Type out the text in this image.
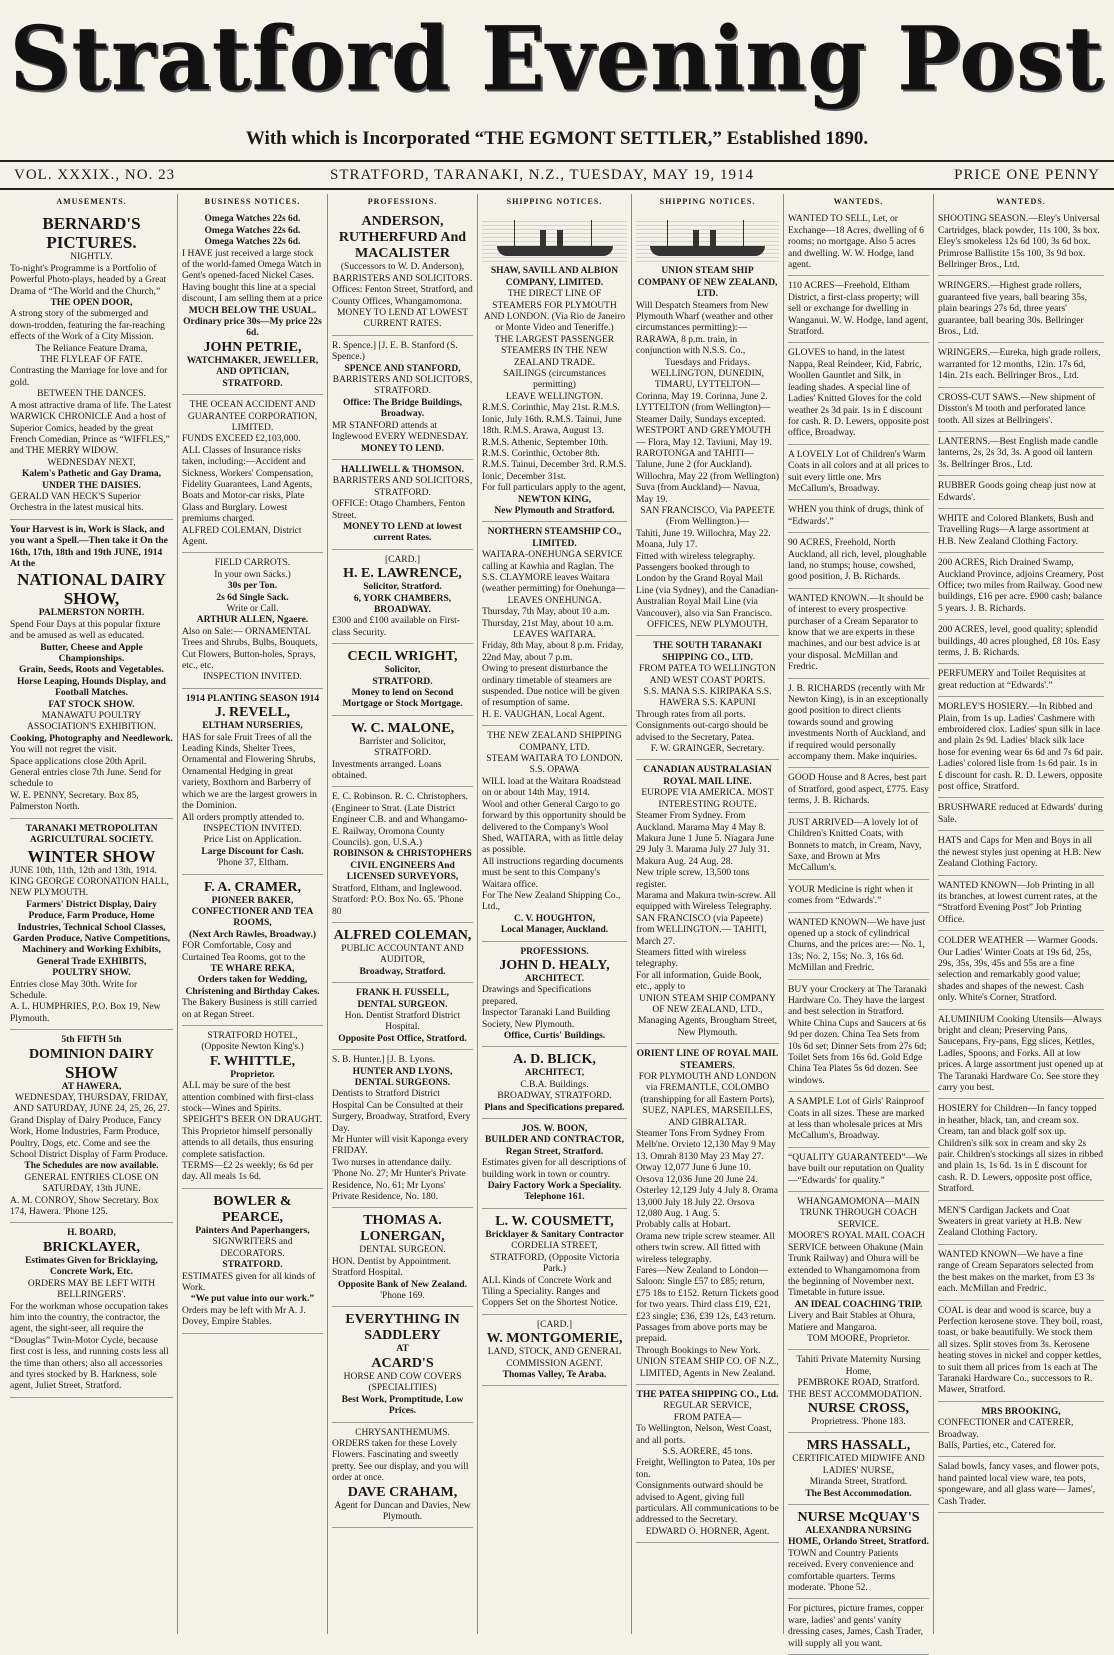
Stratford Evening Post
With which is Incorporated “THE EGMONT SETTLER,” Established 1890.
VOL. XXXIX., NO. 23	STRATFORD, TARANAKI, N.Z., TUESDAY, MAY 19, 1914	PRICE ONE PENNY
AMUSEMENTS.

BERNARD'S PICTURES.

NIGHTLY.

To-night's Programme is a Portfolio of Powerful Photo-plays, headed by a Great Drama of “The World and the Church,”

THE OPEN DOOR,

A strong story of the submerged and down-trodden, featuring the far-reaching effects of the Work of a City Mission.

The Reliance Feature Drama,

THE FLYLEAF OF FATE.

Contrasting the Marriage for love and for gold.

BETWEEN THE DANCES.

A most attractive drama of life. The Latest WARWICK CHRONICLE And a host of Superior Comics, headed by the great French Comedian, Prince as “WIFFLES,” and THE MERRY WIDOW.

WEDNESDAY NEXT,

Kalem's Pathetic and Gay Drama, UNDER THE DAISIES.

GERALD VAN HECK'S Superior Orchestra in the latest musical hits.

Your Harvest is in, Work is Slack, and you want a Spell.—Then take it On the 16th, 17th, 18th and 19th JUNE, 1914 At the

NATIONAL DAIRY SHOW,

PALMERSTON NORTH.

Spend Four Days at this popular fixture and be amused as well as educated.

Butter, Cheese and Apple Championships.

Grain, Seeds, Roots and Vegetables.

Horse Leaping, Hounds Display, and Football Matches.

FAT STOCK SHOW.

MANAWATU POULTRY ASSOCIATION'S EXHIBITION.

Cooking, Photography and Needlework.

You will not regret the visit.

Space applications close 20th April. General entries close 7th June. Send for schedule to

W. E. PENNY, Secretary. Box 85, Palmerston North.

TARANAKI METROPOLITAN AGRICULTURAL SOCIETY.

WINTER SHOW

JUNE 10th, 11th, 12th and 13th, 1914. KING GEORGE CORONATION HALL, NEW PLYMOUTH.

Farmers' District Display, Dairy Produce, Farm Produce, Home Industries, Technical School Classes, Garden Produce, Native Competitions, Machinery and Working Exhibits, General Trade EXHIBITS,

POULTRY SHOW.

Entries close May 30th. Write for Schedule.

A. L. HUMPHRIES, P.O. Box 19, New Plymouth.

5th FIFTH 5th

DOMINION DAIRY

SHOW

AT HAWERA,

WEDNESDAY, THURSDAY, FRIDAY, AND SATURDAY, JUNE 24, 25, 26, 27.

Grand Display of Dairy Produce, Fancy Work, Home Industries, Farm Produce, Poultry, Dogs, etc. Come and see the School District Display of Farm Produce.

The Schedules are now available.

GENERAL ENTRIES CLOSE ON SATURDAY, 13th JUNE.

A. M. CONROY, Show Secretary. Box 174, Hawera. 'Phone 125.

H. BOARD,

BRICKLAYER,

Estimates Given for Bricklaying, Concrete Work, Etc.

ORDERS MAY BE LEFT WITH BELLRINGERS'.

For the workman whose occupation takes him into the country, the contractor, the agent, the sight-seer, all require the “Douglas” Twin-Motor Cycle, because first cost is less, and running costs less all the time than others; also all accessories and tyres stocked by B. Harkness, sole agent, Juliet Street, Stratford.

BUSINESS NOTICES.

Omega Watches 22s 6d.

Omega Watches 22s 6d.

Omega Watches 22s 6d.

I HAVE just received a large stock of the world-famed Omega Watch in Gent's opened-faced Nickel Cases. Having bought this line at a special discount, I am selling them at a price

MUCH BELOW THE USUAL.

Ordinary price 30s—My price 22s 6d.

JOHN PETRIE,

WATCHMAKER, JEWELLER, AND OPTICIAN,

STRATFORD.

THE OCEAN ACCIDENT AND GUARANTEE CORPORATION, LIMITED.

FUNDS EXCEED £2,103,000.

ALL Classes of Insurance risks taken, including:—Accident and Sickness, Workers' Compensation, Fidelity Guarantees, Land Agents, Boats and Motor-car risks, Plate Glass and Burglary. Lowest premiums charged.

ALFRED COLEMAN, District Agent.

FIELD CARROTS.

In your own Sacks.)

30s per Ton.

2s 6d Single Sack.

Write or Call.

ARTHUR ALLEN, Ngaere.

Also on Sale:— ORNAMENTAL Trees and Shrubs, Bulbs, Bouquets, Cut Flowers, Button-holes, Sprays, etc., etc.

INSPECTION INVITED.

1914 PLANTING SEASON 1914

J. REVELL,

ELTHAM NURSERIES,

HAS for sale Fruit Trees of all the Leading Kinds, Shelter Trees, Ornamental and Flowering Shrubs, Ornamental Hedging in great variety, Boxthorn and Barberry of which we are the largest growers in the Dominion.

All orders promptly attended to.

INSPECTION INVITED.

Price List on Application.

Large Discount for Cash.

'Phone 37, Eltham.

F. A. CRAMER,

PIONEER BAKER, CONFECTIONER AND TEA ROOMS,

(Next Arch Rawles, Broadway.)

FOR Comfortable, Cosy and Curtained Tea Rooms, got to the

TE WHARE REKA,

Orders taken for Wedding, Christening and Birthday Cakes.

The Bakery Business is still carried on at Regan Street.

STRATFORD HOTEL,

(Opposite Newton King's.)

F. WHITTLE,

Proprietor.

ALL may be sure of the best attention combined with first-class stock—Wines and Spirits.

SPEIGHT'S BEER ON DRAUGHT.

This Proprietor himself personally attends to all details, thus ensuring complete satisfaction.

TERMS—£2 2s weekly; 6s 6d per day. All meals 1s 6d.

BOWLER & PEARCE,

Painters And Paperhangers,

SIGNWRITERS and DECORATORS.

STRATFORD.

ESTIMATES given for all kinds of Work.

“We put value into our work.”

Orders may be left with Mr A. J. Dovey, Empire Stables.

PROFESSIONS.

ANDERSON, RUTHERFURD And MACALISTER

(Successors to W. D. Anderson), BARRISTERS AND SOLICITORS.

Offices: Fenton Street, Stratford, and County Offices, Whangamomona.

MONEY TO LEND AT LOWEST CURRENT RATES.

R. Spence.] [J. E. B. Stanford (S. Spence.)

SPENCE AND STANFORD,

BARRISTERS AND SOLICITORS, STRATFORD.

Office: The Bridge Buildings, Broadway.

MR STANFORD attends at Inglewood EVERY WEDNESDAY.

MONEY TO LEND.

HALLIWELL & THOMSON.

BARRISTERS AND SOLICITORS, STRATFORD.

OFFICE: Otago Chambers, Fenton Street.

MONEY TO LEND at lowest current Rates.

[CARD.]

H. E. LAWRENCE,

Solicitor, Stratford.

6, YORK CHAMBERS, BROADWAY.

£300 and £100 available on First-class Security.

CECIL WRIGHT,

Solicitor,

STRATFORD.

Money to lend on Second Mortgage or Stock Mortgage.

W. C. MALONE,

Barrister and Solicitor,

STRATFORD.

Investments arranged. Loans obtained.

E. C. Robinson. R. C. Christophers. (Engineer to Strat. (Late District Engineer C.B. and and Whangamo- E. Railway, Oromona County Councils). gon, U.S.A.)

ROBINSON & CHRISTOPHERS

CIVIL ENGINEERS And LICENSED SURVEYORS,

Stratford, Eltham, and Inglewood. Stratford: P.O. Box No. 65. 'Phone 80

ALFRED COLEMAN,

PUBLIC ACCOUNTANT AND AUDITOR,

Broadway, Stratford.

FRANK H. FUSSELL,

DENTAL SURGEON.

Hon. Dentist Stratford District Hospital.

Opposite Post Office, Stratford.

S. B. Hunter.] [J. B. Lyons.

HUNTER AND LYONS,

DENTAL SURGEONS.

Dentists to Stratford District Hospital Can be Consulted at their Surgery, Broadway, Stratford, Every Day.

Mr Hunter will visit Kaponga every FRIDAY.

Two nurses in attendance daily. 'Phone No. 27; Mr Hunter's Private Residence, No. 61; Mr Lyons' Private Residence, No. 180.

THOMAS A. LONERGAN,

DENTAL SURGEON.

HON. Dentist by Appointment. Stratford Hospital.

Opposite Bank of New Zealand.

'Phone 169.

EVERYTHING IN SADDLERY

AT

ACARD'S

HORSE AND COW COVERS (SPECIALITIES)

Best Work, Promptitude, Low Prices.

CHRYSANTHEMUMS.

ORDERS taken for these Lovely Flowers. Fascinating and sweetly pretty. See our display, and you will order at once.

DAVE CRAHAM,

Agent for Duncan and Davies, New Plymouth.

SHIPPING NOTICES.

SHAW, SAVILL AND ALBION COMPANY, LIMITED.

THE DIRECT LINE OF STEAMERS FOR PLYMOUTH AND LONDON. (Via Rio de Janeiro or Monte Video and Teneriffe.)

THE LARGEST PASSENGER STEAMERS IN THE NEW ZEALAND TRADE.

SAILINGS (circumstances permitting)

LEAVE WELLINGTON.

R.M.S. Corinthic, May 21st. R.M.S. Ionic, July 16th. R.M.S. Tainui, June 18th. R.M.S. Arawa, August 13. R.M.S. Athenic, September 10th. R.M.S. Corinthic, October 8th. R.M.S. Tainui, December 3rd. R.M.S. Ionic, December 31st.

For full particulars apply to the agent,

NEWTON KING,

New Plymouth and Stratford.

NORTHERN STEAMSHIP CO., LIMITED.

WAITARA-ONEHUNGA SERVICE calling at Kawhia and Raglan. The S.S. CLAYMORE leaves Waitara (weather permitting) for Onehunga—

LEAVES ONEHUNGA.

Thursday, 7th May, about 10 a.m. Thursday, 21st May, about 10 a.m.

LEAVES WAITARA.

Friday, 8th May, about 8 p.m. Friday, 22nd May, about 7 p.m.

Owing to present disturbance the ordinary timetable of steamers are suspended. Due notice will be given of resumption of same.

H. E. VAUGHAN, Local Agent.

THE NEW ZEALAND SHIPPING COMPANY, LTD.

STEAM WAITARA TO LONDON.

S.S. OPAWA

WILL load at the Waitara Roadstead on or about 14th May, 1914.

Wool and other General Cargo to go forward by this opportunity should be delivered to the Company's Wool Shed, WAITARA, with as little delay as possible.

All instructions regarding documents must be sent to this Company's Waitara office.

For The New Zealand Shipping Co., Ltd.,

C. V. HOUGHTON,

Local Manager, Auckland.

PROFESSIONS.

JOHN D. HEALY,

ARCHITECT.

Drawings and Specifications prepared.

Inspector Taranaki Land Building Society, New Plymouth.

Office, Curtis' Buildings.

A. D. BLICK,

ARCHITECT,

C.B.A. Buildings.

BROADWAY, STRATFORD.

Plans and Specifications prepared.

JOS. W. BOON,

BUILDER AND CONTRACTOR, Regan Street, Stratford.

Estimates given for all descriptions of building work in town or country.

Dairy Factory Work a Speciality.

Telephone 161.

L. W. COUSMETT,

Bricklayer & Sanitary Contractor

CORDELIA STREET, STRATFORD, (Opposite Victoria Park.)

ALL Kinds of Concrete Work and Tiling a Speciality. Ranges and Coppers Set on the Shortest Notice.

[CARD.]

W. MONTGOMERIE,

LAND, STOCK, AND GENERAL COMMISSION AGENT.

Thomas Valley, Te Araba.

SHIPPING NOTICES.

UNION STEAM SHIP COMPANY OF NEW ZEALAND, LTD.

Will Despatch Steamers from New Plymouth Wharf (weather and other circumstances permitting):—

RARAWA, 8 p.m. train, in conjunction with N.S.S. Co.,

Tuesdays and Fridays.

WELLINGTON, DUNEDIN, TIMARU, LYTTELTON—

Corinna, May 19. Corinna, June 2.

LYTTELTON (from Wellington)— Steamer Daily, Sundays excepted.

WESTPORT AND GREYMOUTH— Flora, May 12. Taviuni, May 19.

RAROTONGA and TAHITI— Talune, June 2 (for Auckland). Willochra, May 22 (from Wellington)

Suva (from Auckland)— Navua, May 19.

SAN FRANCISCO, Via PAPEETE (From Wellington.)—

Tahiti, June 19. Willochra, May 22. Moana, July 17.

Fitted with wireless telegraphy. Passengers booked through to London by the Grand Royal Mail Line (via Sydney), and the Canadian-Australian Royal Mail Line (via Vancouver), also via San Francisco.

OFFICES, NEW PLYMOUTH.

THE SOUTH TARANAKI SHIPPING CO., LTD.

FROM PATEA TO WELLINGTON AND WEST COAST PORTS.

S.S. MANA S.S. KIRIPAKA S.S. HAWERA S.S. KAPUNI

Through rates from all ports. Consignments out-cargo should be advised to the Secretary, Patea.

F. W. GRAINGER, Secretary.

CANADIAN AUSTRALASIAN ROYAL MAIL LINE.

EUROPE VIA AMERICA. MOST INTERESTING ROUTE.

Steamer From Sydney. From Auckland. Marama May 4 May 8. Makura June 1 June 5. Niagara June 29 July 3. Marama July 27 July 31. Makura Aug. 24 Aug. 28.

New triple screw, 13,500 tons register.

Marama and Makura twin-screw. All equipped with Wireless Telegraphy.

SAN FRANCISCO (via Papeete) from WELLINGTON.— TAHITI, March 27.

Steamers fitted with wireless telegraphy.

For all information, Guide Book, etc., apply to

UNION STEAM SHIP COMPANY OF NEW ZEALAND, LTD., Managing Agents, Brougham Street, New Plymouth.

ORIENT LINE OF ROYAL MAIL STEAMERS.

FOR PLYMOUTH AND LONDON via FREMANTLE, COLOMBO (transhipping for all Eastern Ports), SUEZ, NAPLES, MARSEILLES, AND GIBRALTAR.

Steamer Tons From Sydney From Melb'ne. Orvieto 12,130 May 9 May 13. Omrah 8130 May 23 May 27. Otway 12,077 June 6 June 10. Orsova 12,036 June 20 June 24. Osterley 12,129 July 4 July 8. Orama 13,000 July 18 July 22. Orsova 12,080 Aug. 1 Aug. 5.

Probably calls at Hobart.

Orama new triple screw steamer. All others twin screw. All fitted with wireless telegraphy.

Fares—New Zealand to London— Saloon: Single £57 to £85; return, £75 18s to £152. Return Tickets good for two years. Third class £19, £21, £23 single; £36, £39 12s, £43 return.

Passages from above ports may be prepaid.

Through Bookings to New York.

UNION STEAM SHIP CO. OF N.Z., LIMITED, Agents in New Zealand.

THE PATEA SHIPPING CO., Ltd.

REGULAR SERVICE,

FROM PATEA—

To Wellington, Nelson, West Coast, and all ports.

S.S. AORERE, 45 tons.

Freight, Wellington to Patea, 10s per ton.

Consignments outward should be advised to Agent, giving full particulars. All communications to be addressed to the Secretary.

EDWARD O. HORNER, Agent.

WANTEDS.

WANTED TO SELL, Let, or Exchange—18 Acres, dwelling of 6 rooms; no mortgage. Also 5 acres and dwelling. W. W. Hodge, land agent.

110 ACRES—Freehold, Eltham District, a first-class property; will sell or exchange for dwelling in Wanganui. W. W. Hodge, land agent, Stratford.

GLOVES to hand, in the latest Nappa, Real Reindeer, Kid, Fabric, Woollen Gauntlet and Silk, in leading shades. A special line of Ladies' Knitted Gloves for the cold weather 2s 3d pair. 1s in £ discount for cash. R. D. Lewers, opposite post office, Broadway.

A LOVELY Lot of Children's Warm Coats in all colors and at all prices to suit every little one. Mrs McCallum's, Broadway.

WHEN you think of drugs, think of “Edwards'.”

90 ACRES, Freehold, North Auckland, all rich, level, ploughable land, no stumps; house, cowshed, good position, J. B. Richards.

WANTED KNOWN.—It should be of interest to every prospective purchaser of a Cream Separator to know that we are experts in these machines, and our best advice is at your disposal. McMillan and Fredric.

J. B. RICHARDS (recently with Mr Newton King), is in an exceptionally good position to direct clients towards sound and growing investments North of Auckland, and if required would personally accompany them. Make inquiries.

GOOD House and 8 Acres, best part of Stratford, good aspect, £775. Easy terms, J. B. Richards.

JUST ARRIVED—A lovely lot of Children's Knitted Coats, with Bonnets to match, in Cream, Navy, Saxe, and Brown at Mrs McCallum's.

YOUR Medicine is right when it comes from “Edwards'.”

WANTED KNOWN—We have just opened up a stock of cylindrical Churns, and the prices are:— No. 1, 13s; No. 2, 15s; No. 3, 16s 6d. McMillan and Fredric.

BUY your Crockery at The Taranaki Hardware Co. They have the largest and best selection in Stratford. White China Cups and Saucers at 6s 9d per dozen. China Tea Sets from 10s 6d set; Dinner Sets from 27s 6d; Toilet Sets from 16s 6d. Gold Edge China Tea Plates 5s 6d dozen. See windows.

A SAMPLE Lot of Girls' Rainproof Coats in all sizes. These are marked at less than wholesale prices at Mrs McCallum's, Broadway.

“QUALITY GUARANTEED”—We have built our reputation on Quality—“Edwards' for quality.”

WHANGAMOMONA—MAIN TRUNK THROUGH COACH SERVICE.

MOORE'S ROYAL MAIL COACH SERVICE between Ohakune (Main Trunk Railway) and Ohura will be extended to Whangamomona from the beginning of November next. Timetable in future issue.

AN IDEAL COACHING TRIP.

Livery and Bait Stables at Ohura, Matiere and Mangaroa.

TOM MOORE, Proprietor.

Tahiti Private Maternity Nursing Home,

PEMBROKE ROAD, Stratford.

THE BEST ACCOMMODATION.

NURSE CROSS,

Proprietress. 'Phone 183.

MRS HASSALL,

CERTIFICATED MIDWIFE AND LADIES' NURSE,

Miranda Street, Stratford.

The Best Accommodation.

NURSE McQUAY'S

ALEXANDRA NURSING HOME, Orlando Street, Stratford.

TOWN and Country Patients received. Every convenience and comfortable quarters. Terms moderate. 'Phone 52.

For pictures, picture frames, copper ware, ladies' and gents' vanity dressing cases, James, Cash Trader, will supply all you want.

WANTEDS.

SHOOTING SEASON.—Eley's Universal Cartridges, black powder, 11s 100, 3s box. Eley's smokeless 12s 6d 100, 3s 6d box. Primrose Ballistite 15s 100, 3s 9d box. Bellringer Bros., Ltd.

WRINGERS.—Highest grade rollers, guaranteed five years, ball bearing 35s, plain bearings 27s 6d, three years' guarantee, ball bearing 30s. Bellringer Bros., Ltd.

WRINGERS.—Eureka, high grade rollers, warranted for 12 months, 12in. 17s 6d, 14in. 21s each. Bellringer Bros., Ltd.

CROSS-CUT SAWS.—New shipment of Disston's M tooth and perforated lance tooth. All sizes at Bellringers'.

LANTERNS.—Best English made candle lanterns, 2s, 2s 3d, 3s. A good oil lantern 3s. Bellringer Bros., Ltd.

RUBBER Goods going cheap just now at Edwards'.

WHITE and Colored Blankets, Bush and Travelling Rugs—A large assortment at H.B. New Zealand Clothing Factory.

200 ACRES, Rich Drained Swamp, Auckland Province, adjoins Creamery, Post Office; two miles from Railway. Good new buildings, £16 per acre. £900 cash; balance 5 years. J. B. Richards.

200 ACRES, level, good quality; splendid buildings, 40 acres ploughed, £8 10s. Easy terms, J. B. Richards.

PERFUMERY and Toilet Requisites at great reduction at “Edwards'.”

MORLEY'S HOSIERY.—In Ribbed and Plain, from 1s up. Ladies' Cashmere with embroidered clox. Ladies' spun silk in lace and plain 2s 9d. Ladies' black silk lace hose for evening wear 6s 6d and 7s 6d pair. Ladies' colored lisle from 1s 6d pair. 1s in £ discount for cash. R. D. Lewers, opposite post office, Stratford.

BRUSHWARE reduced at Edwards' during Sale.

HATS and Caps for Men and Boys in all the newest styles just opening at H.B. New Zealand Clothing Factory.

WANTED KNOWN—Job Printing in all its branches, at lowest current rates, at the “Stratford Evening Post” Job Printing Office.

COLDER WEATHER — Warmer Goods. Our Ladies' Winter Coats at 19s 6d, 25s, 29s, 35s, 39s, 45s and 55s are a fine selection and remarkably good value; shades and shapes of the newest. Cash only. White's Corner, Stratford.

ALUMINIUM Cooking Utensils—Always bright and clean; Preserving Pans, Saucepans, Fry-pans, Egg slices, Kettles, Ladles, Spoons, and Forks. All at low prices. A large assortment just opened up at The Taranaki Hardware Co. See store they carry you best.

HOSIERY for Children—In fancy topped in heather, black, tan, and cream sox. Cream, tan and black golf sox up. Children's silk sox in cream and sky 2s pair. Children's stockings all sizes in ribbed and plain 1s, 1s 6d. 1s in £ discount for cash. R. D. Lewers, opposite post office, Stratford.

MEN'S Cardigan Jackets and Coat Sweaters in great variety at H.B. New Zealand Clothing Factory.

WANTED KNOWN—We have a fine range of Cream Separators selected from the best makes on the market, from £3 3s each. McMillan and Fredric.

COAL is dear and wood is scarce, buy a Perfection kerosene stove. They boil, roast, toast, or bake beautifully. We stock them all sizes. Split stoves from 3s. Kerosene heating stoves in nickel and copper kettles, to suit them all prices from 1s each at The Taranaki Hardware Co., successors to R. Mawer, Stratford.

MRS BROOKING,

CONFECTIONER and CATERER, Broadway.

Balls, Parties, etc., Catered for.

Salad bowls, fancy vases, and flower pots, hand painted local view ware, tea pots, spongeware, and all glass ware— James', Cash Trader.
